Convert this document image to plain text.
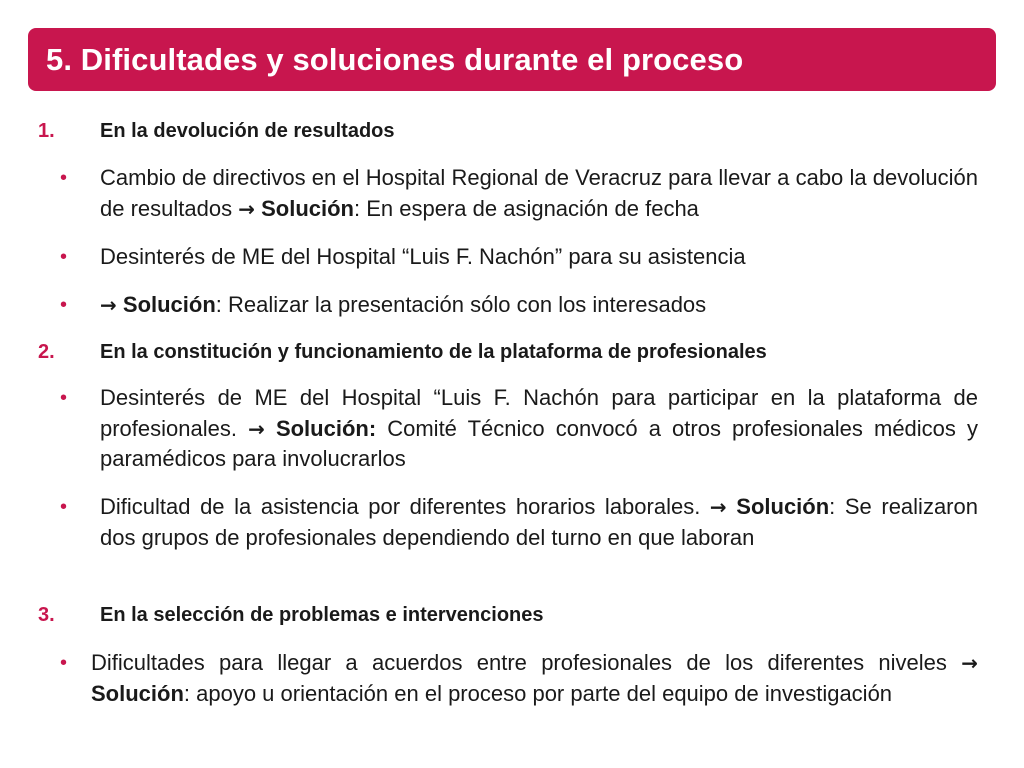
5. Dificultades y soluciones durante el proceso
1.	En la devolución de resultados
• Cambio de directivos en el Hospital Regional de Veracruz para llevar a cabo la devolución de resultados → Solución: En espera de asignación de fecha
• Desinterés de ME del Hospital “Luis F. Nachón” para su asistencia
• → Solución: Realizar la presentación sólo con los interesados
2.	En la constitución y funcionamiento de la plataforma de profesionales
• Desinterés de ME del Hospital “Luis F. Nachón para participar en la plataforma de profesionales. → Solución: Comité Técnico convocó a otros profesionales médicos y paramédicos para involucrarlos
• Dificultad de la asistencia por diferentes horarios laborales. → Solución: Se realizaron dos grupos de profesionales dependiendo del turno en que laboran
3.	En la selección de problemas e intervenciones
• Dificultades para llegar a acuerdos entre profesionales de los diferentes niveles → Solución: apoyo u orientación en el proceso por parte del equipo de investigación
